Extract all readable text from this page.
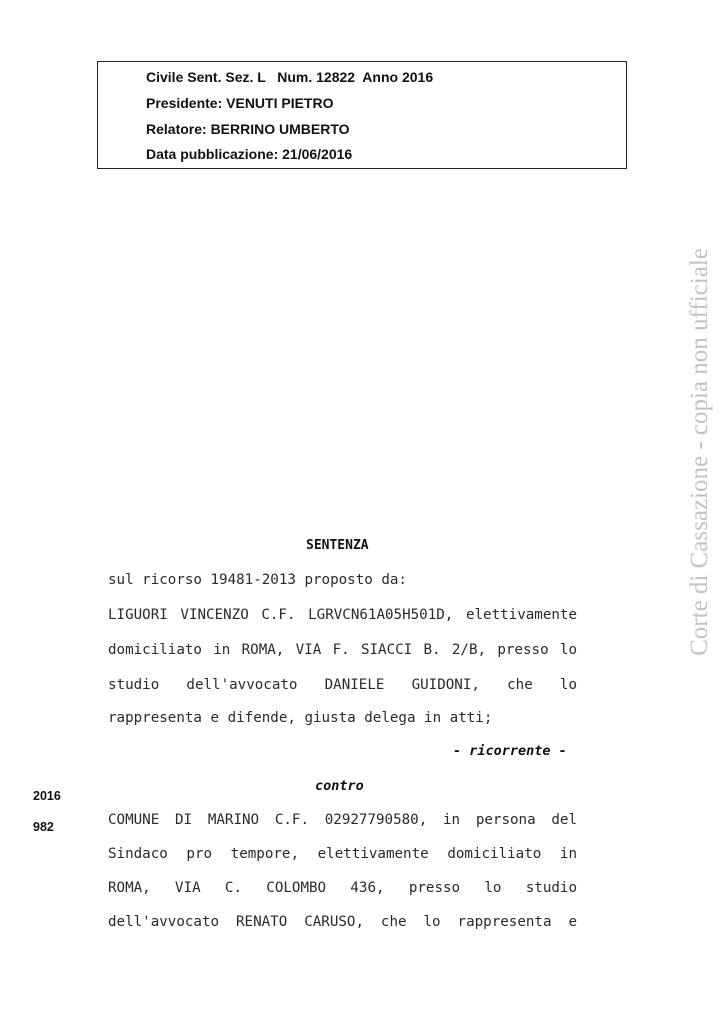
Civile Sent. Sez. L   Num. 12822  Anno 2016
Presidente: VENUTI PIETRO
Relatore: BERRINO UMBERTO
Data pubblicazione: 21/06/2016
Corte di Cassazione - copia non ufficiale
SENTENZA
sul ricorso 19481-2013 proposto da:
LIGUORI VINCENZO C.F. LGRVCN61A05H501D, elettivamente
domiciliato in ROMA, VIA F. SIACCI B. 2/B, presso lo
studio dell'avvocato DANIELE GUIDONI, che lo
rappresenta e difende, giusta delega in atti;
- ricorrente -
contro
2016
982	COMUNE DI MARINO C.F. 02927790580, in persona del
Sindaco pro tempore, elettivamente domiciliato in
ROMA, VIA C. COLOMBO 436, presso lo studio
dell'avvocato RENATO CARUSO, che lo rappresenta e
